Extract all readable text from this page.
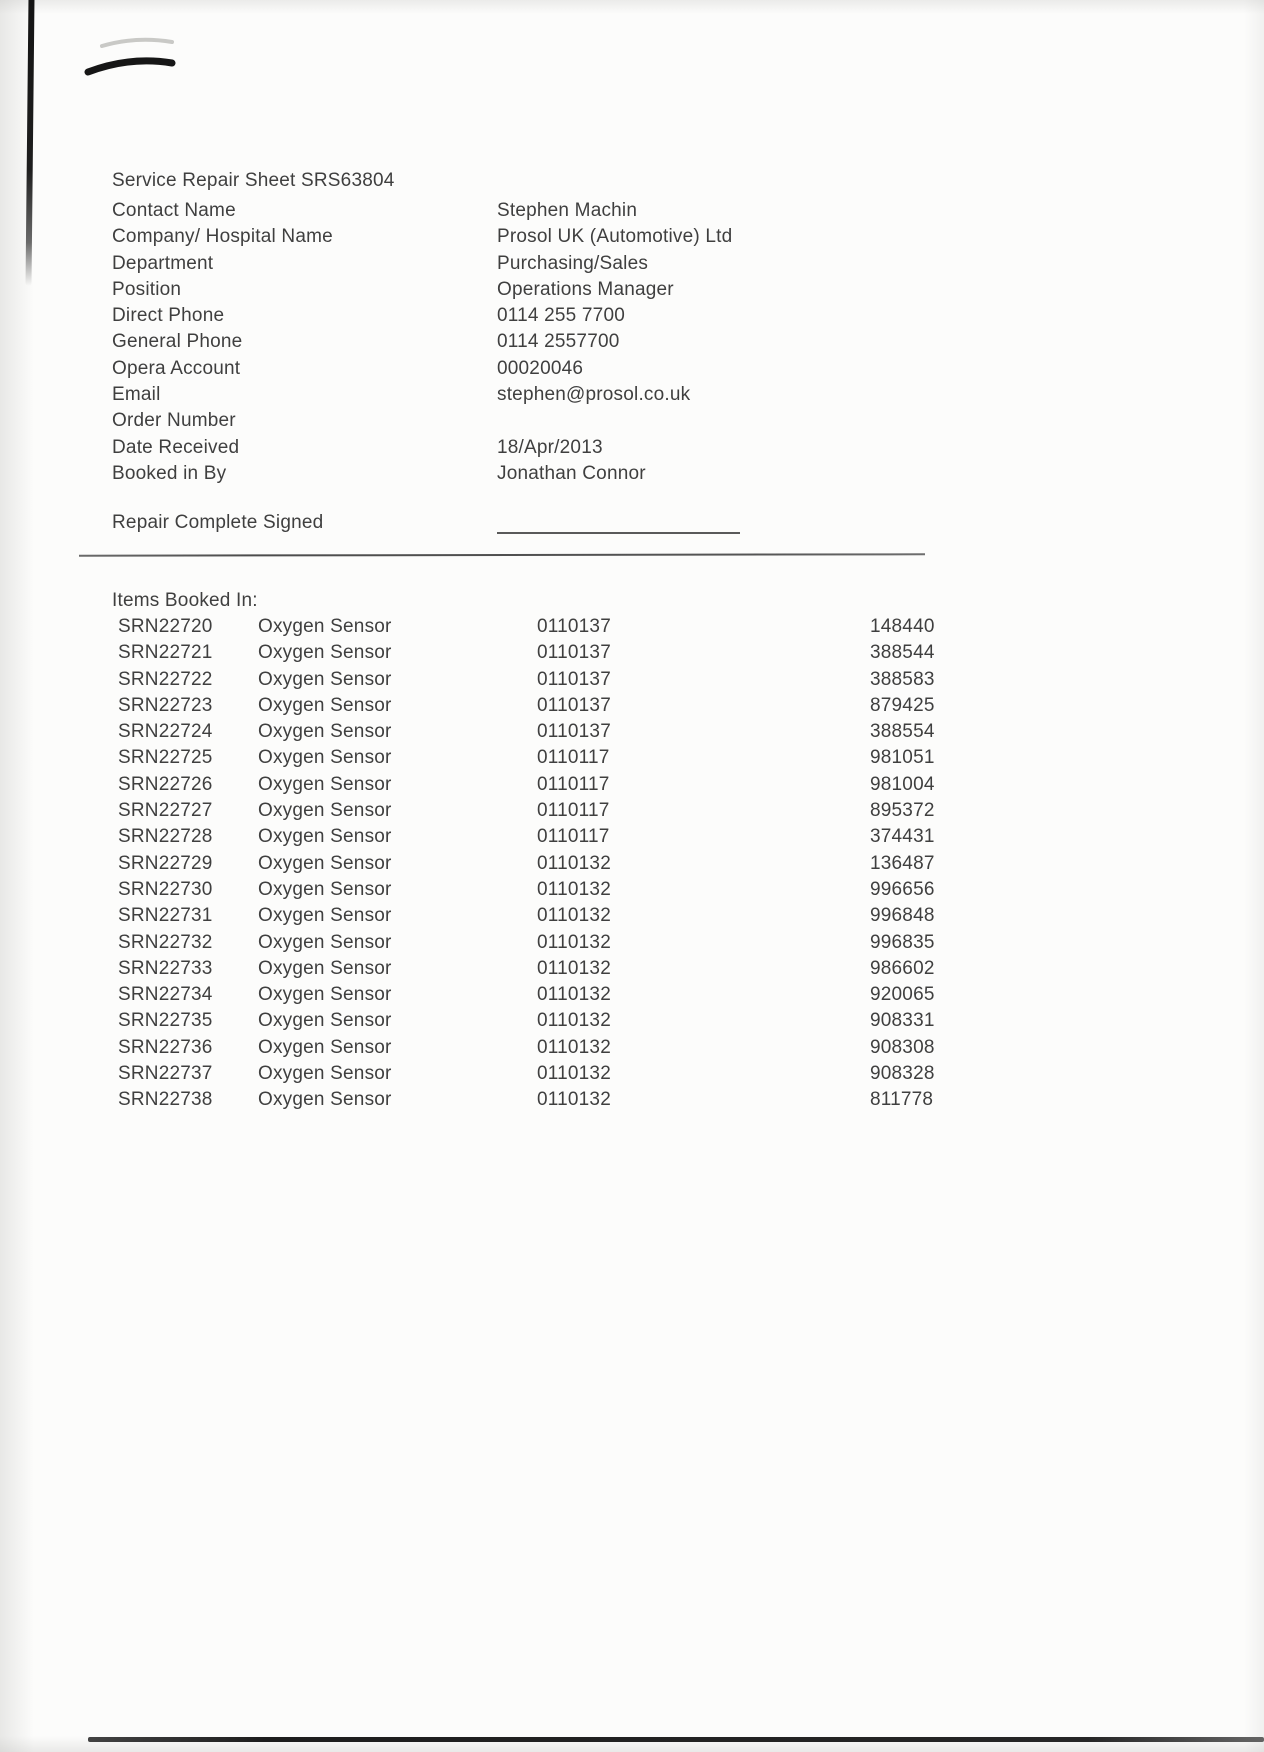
Service Repair Sheet SRS63804
Contact Name	Stephen Machin
Company/ Hospital Name	Prosol UK (Automotive) Ltd
Department	Purchasing/Sales
Position	Operations Manager
Direct Phone	0114 255 7700
General Phone	0114 2557700
Opera Account	00020046
Email	stephen@prosol.co.uk
Order Number
Date Received	18/Apr/2013
Booked in By	Jonathan Connor
Repair Complete Signed
Items Booked In:
SRN22720	Oxygen Sensor	0110137	148440
SRN22721	Oxygen Sensor	0110137	388544
SRN22722	Oxygen Sensor	0110137	388583
SRN22723	Oxygen Sensor	0110137	879425
SRN22724	Oxygen Sensor	0110137	388554
SRN22725	Oxygen Sensor	0110117	981051
SRN22726	Oxygen Sensor	0110117	981004
SRN22727	Oxygen Sensor	0110117	895372
SRN22728	Oxygen Sensor	0110117	374431
SRN22729	Oxygen Sensor	0110132	136487
SRN22730	Oxygen Sensor	0110132	996656
SRN22731	Oxygen Sensor	0110132	996848
SRN22732	Oxygen Sensor	0110132	996835
SRN22733	Oxygen Sensor	0110132	986602
SRN22734	Oxygen Sensor	0110132	920065
SRN22735	Oxygen Sensor	0110132	908331
SRN22736	Oxygen Sensor	0110132	908308
SRN22737	Oxygen Sensor	0110132	908328
SRN22738	Oxygen Sensor	0110132	811778
